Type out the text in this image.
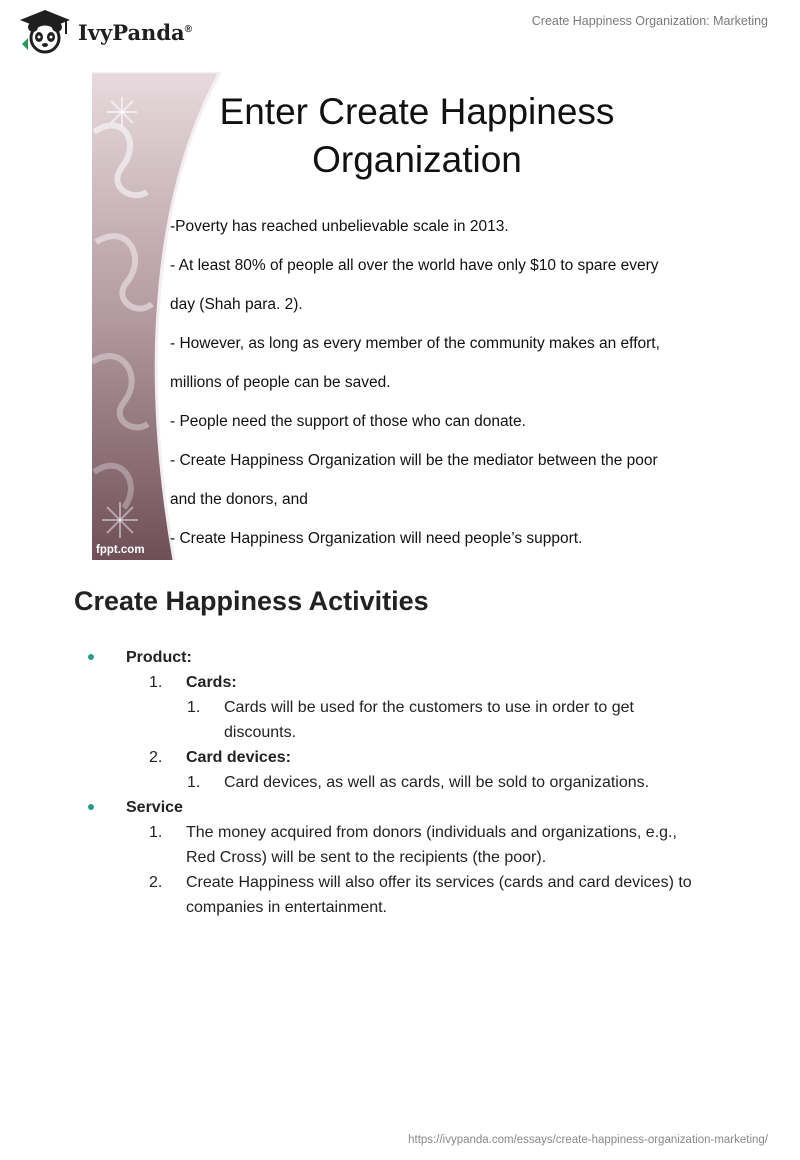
IvyPanda®
Create Happiness Organization: Marketing
Enter Create Happiness
Organization
-Poverty has reached unbelievable scale in 2013.
- At least 80% of people all over the world have only $10 to spare every
day (Shah para. 2).
- However, as long as every member of the community makes an effort,
millions of people can be saved.
- People need the support of those who can donate.
- Create Happiness Organization will be the mediator between the poor
and the donors, and
- Create Happiness Organization will need people’s support.
fppt.com
Create Happiness Activities
Product:
1. Cards:
1. Cards will be used for the customers to use in order to get
discounts.
2. Card devices:
1. Card devices, as well as cards, will be sold to organizations.
Service
1. The money acquired from donors (individuals and organizations, e.g.,
Red Cross) will be sent to the recipients (the poor).
2. Create Happiness will also offer its services (cards and card devices) to
companies in entertainment.
https://ivypanda.com/essays/create-happiness-organization-marketing/
